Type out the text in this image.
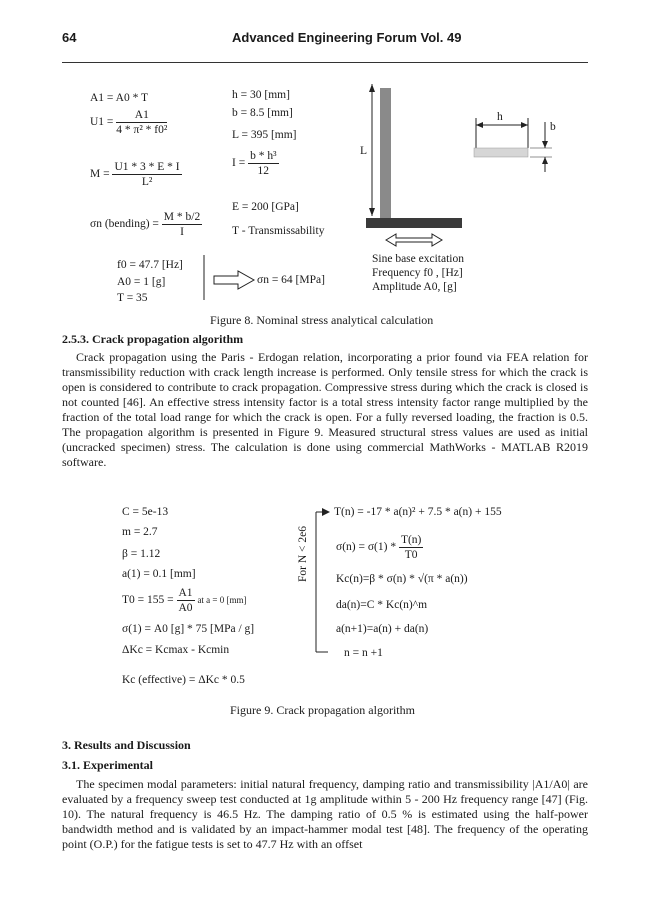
64	Advanced Engineering Forum Vol. 49
A1 = A0 * T
$U1 = \frac{A1}{\text{4 * π² * f0²}}$
$M = \frac{U1 * 3 * E * I}{\text{L²}}$
σn (bending) = $\frac{M * b/2}{I}$
h = 30 [mm]
b = 8.5 [mm]
L = 395 [mm]
$I = \frac{\text{b * h³}}{12}$
E = 200 [GPa]
T - Transmissability
f0 = 47.7 [Hz]
A0 = 1 [g]
T = 35
σn = 64 [MPa]
L
h
b
Sine base excitation
Frequency f0 , [Hz]
Amplitude A0, [g]
Figure 8. Nominal stress analytical calculation
2.5.3. Crack propagation algorithm
Crack propagation using the Paris - Erdogan relation, incorporating a prior found via FEA relation for transmissibility reduction with crack length increase is performed. Only tensile stress for which the crack is open is considered to contribute to crack propagation. Compressive stress during which the crack is closed is not counted [46]. An effective stress intensity factor is a total stress intensity factor range multiplied by the fraction of the total load range for which the crack is open. For a fully reversed loading, the fraction is 0.5. The propagation algorithm is presented in Figure 9. Measured structural stress values are used as initial (uncracked specimen) stress. The calculation is done using commercial MathWorks - MATLAB R2019 software.
C = 5e-13
m = 2.7
β = 1.12
a(1) = 0.1 [mm]
$T0 = 155 = \frac{A1}{A0}$ at a = 0 [mm]
σ(1) = A0 [g] * 75 [MPa / g]
ΔKc = Kcmax - Kcmin
Kc (effective) = ΔKc * 0.5
For N < 2e6
T(n) = -17 * a(n)² + 7.5 * a(n) + 155
$\sigma(n) = \sigma(1) * \frac{T(n)}{T0}$
Kc(n)=β * σ(n) * √(π * a(n))
da(n)=C * Kc(n)^m
a(n+1)=a(n) + da(n)
n = n +1
Figure 9. Crack propagation algorithm
3. Results and Discussion
3.1. Experimental
The specimen modal parameters: initial natural frequency, damping ratio and transmissibility |A1/A0| are evaluated by a frequency sweep test conducted at 1g amplitude within 5 - 200 Hz frequency range [47] (Fig. 10). The natural frequency is 46.5 Hz. The damping ratio of 0.5 % is estimated using the half-power bandwidth method and is validated by an impact-hammer modal test [48]. The frequency of the operating point (O.P.) for the fatigue tests is set to 47.7 Hz with an offset
